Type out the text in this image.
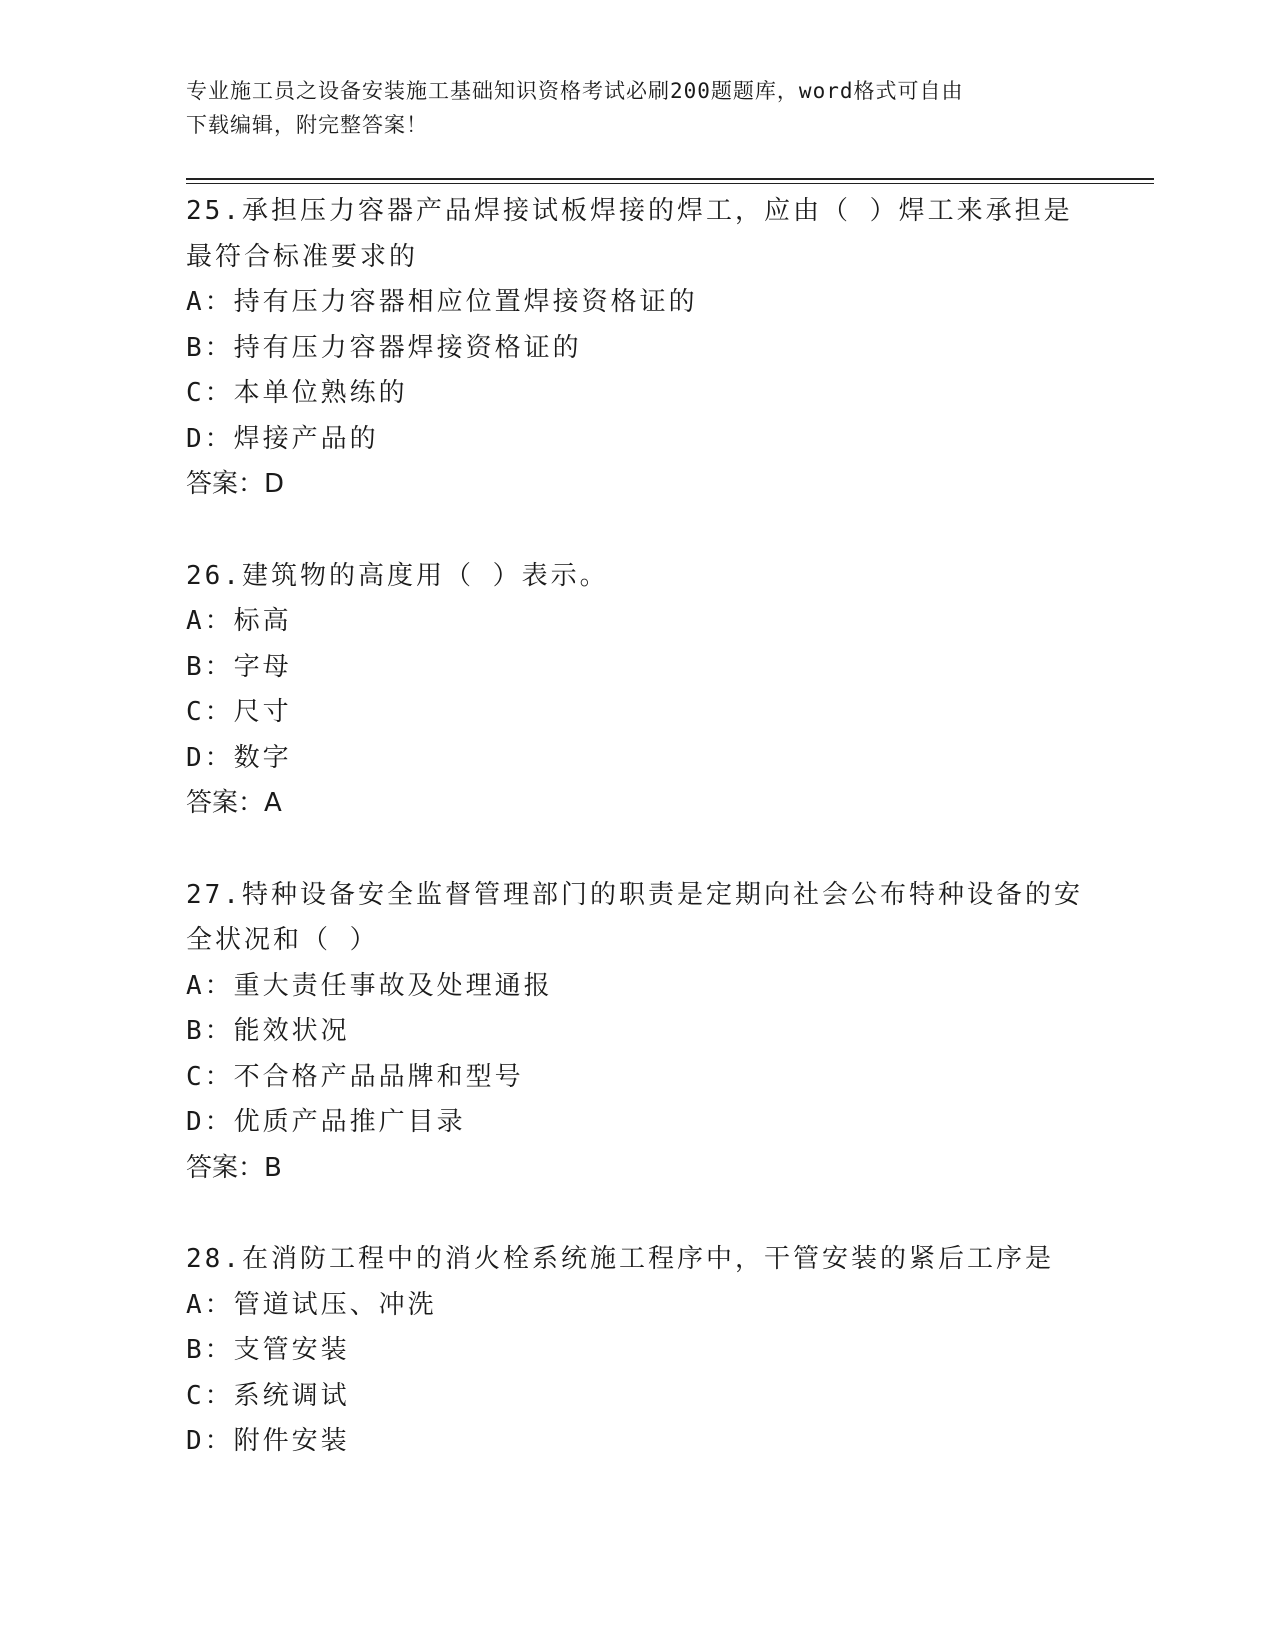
专业施工员之设备安装施工基础知识资格考试必刷200题题库，word格式可自由
下载编辑，附完整答案！
25.承担压力容器产品焊接试板焊接的焊工，应由（ ）焊工来承担是
最符合标准要求的
A：持有压力容器相应位置焊接资格证的
B：持有压力容器焊接资格证的
C：本单位熟练的
D：焊接产品的
答案：D
26.建筑物的高度用（ ）表示。
A：标高
B：字母
C：尺寸
D：数字
答案：A
27.特种设备安全监督管理部门的职责是定期向社会公布特种设备的安
全状况和（ ）
A：重大责任事故及处理通报
B：能效状况
C：不合格产品品牌和型号
D：优质产品推广目录
答案：B
28.在消防工程中的消火栓系统施工程序中，干管安装的紧后工序是
A：管道试压、冲洗
B：支管安装
C：系统调试
D：附件安装
